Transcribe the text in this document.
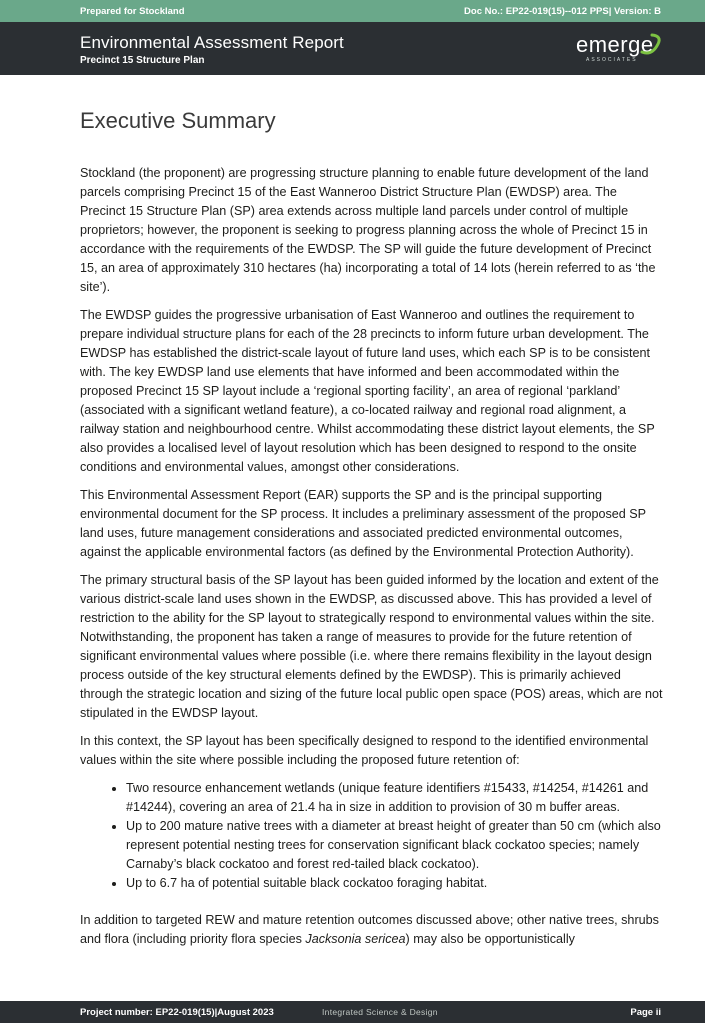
Prepared for Stockland	Doc No.: EP22-019(15)--012 PPS| Version: B
Environmental Assessment Report
Precinct 15 Structure Plan
emerge
ASSOCIATES
Executive Summary

Stockland (the proponent) are progressing structure planning to enable future development of the land parcels comprising Precinct 15 of the East Wanneroo District Structure Plan (EWDSP) area. The Precinct 15 Structure Plan (SP) area extends across multiple land parcels under control of multiple proprietors; however, the proponent is seeking to progress planning across the whole of Precinct 15 in accordance with the requirements of the EWDSP. The SP will guide the future development of Precinct 15, an area of approximately 310 hectares (ha) incorporating a total of 14 lots (herein referred to as ‘the site’).

The EWDSP guides the progressive urbanisation of East Wanneroo and outlines the requirement to prepare individual structure plans for each of the 28 precincts to inform future urban development. The EWDSP has established the district-scale layout of future land uses, which each SP is to be consistent with. The key EWDSP land use elements that have informed and been accommodated within the proposed Precinct 15 SP layout include a ‘regional sporting facility’, an area of regional ‘parkland’ (associated with a significant wetland feature), a co-located railway and regional road alignment, a railway station and neighbourhood centre. Whilst accommodating these district layout elements, the SP also provides a localised level of layout resolution which has been designed to respond to the onsite conditions and environmental values, amongst other considerations.

This Environmental Assessment Report (EAR) supports the SP and is the principal supporting environmental document for the SP process. It includes a preliminary assessment of the proposed SP land uses, future management considerations and associated predicted environmental outcomes, against the applicable environmental factors (as defined by the Environmental Protection Authority).

The primary structural basis of the SP layout has been guided informed by the location and extent of the various district-scale land uses shown in the EWDSP, as discussed above. This has provided a level of restriction to the ability for the SP layout to strategically respond to environmental values within the site. Notwithstanding, the proponent has taken a range of measures to provide for the future retention of significant environmental values where possible (i.e. where there remains flexibility in the layout design process outside of the key structural elements defined by the EWDSP). This is primarily achieved through the strategic location and sizing of the future local public open space (POS) areas, which are not stipulated in the EWDSP layout.

In this context, the SP layout has been specifically designed to respond to the identified environmental values within the site where possible including the proposed future retention of:

• Two resource enhancement wetlands (unique feature identifiers #15433, #14254, #14261 and #14244), covering an area of 21.4 ha in size in addition to provision of 30 m buffer areas.
• Up to 200 mature native trees with a diameter at breast height of greater than 50 cm (which also represent potential nesting trees for conservation significant black cockatoo species; namely Carnaby’s black cockatoo and forest red-tailed black cockatoo).
• Up to 6.7 ha of potential suitable black cockatoo foraging habitat.

In addition to targeted REW and mature retention outcomes discussed above; other native trees, shrubs and flora (including priority flora species Jacksonia sericea) may also be opportunistically

Project number: EP22-019(15)|August 2023	Integrated Science & Design	Page ii
